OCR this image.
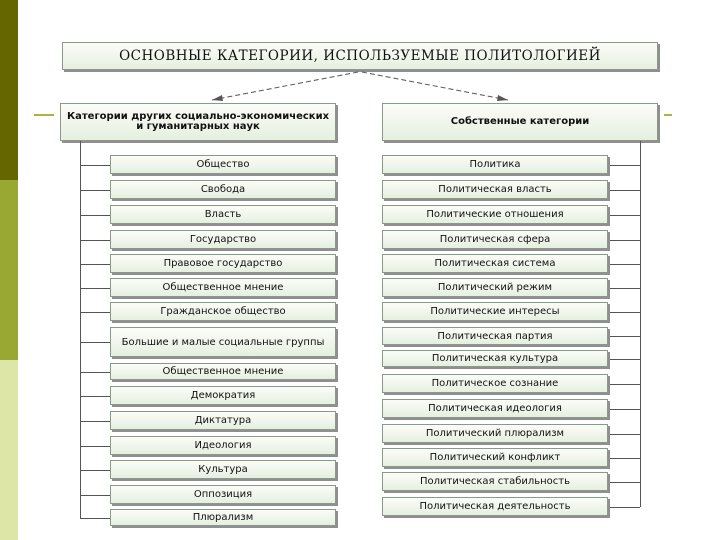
ОСНОВНЫЕ КАТЕГОРИИ, ИСПОЛЬЗУЕМЫЕ ПОЛИТОЛОГИЕЙ
Категории других социально-экономических и гуманитарных наук	Собственные категории
Общество
Свобода
Власть
Государство
Правовое государство
Общественное мнение
Гражданское общество
Большие и малые социальные группы
Общественное мнение
Демократия
Диктатура
Идеология
Культура
Оппозиция
Плюрализм
Политика
Политическая власть
Политические отношения
Политическая сфера
Политическая система
Политический режим
Политические интересы
Политическая партия
Политическая культура
Политическое сознание
Политическая идеология
Политический плюрализм
Политический конфликт
Политическая стабильность
Политическая деятельность
